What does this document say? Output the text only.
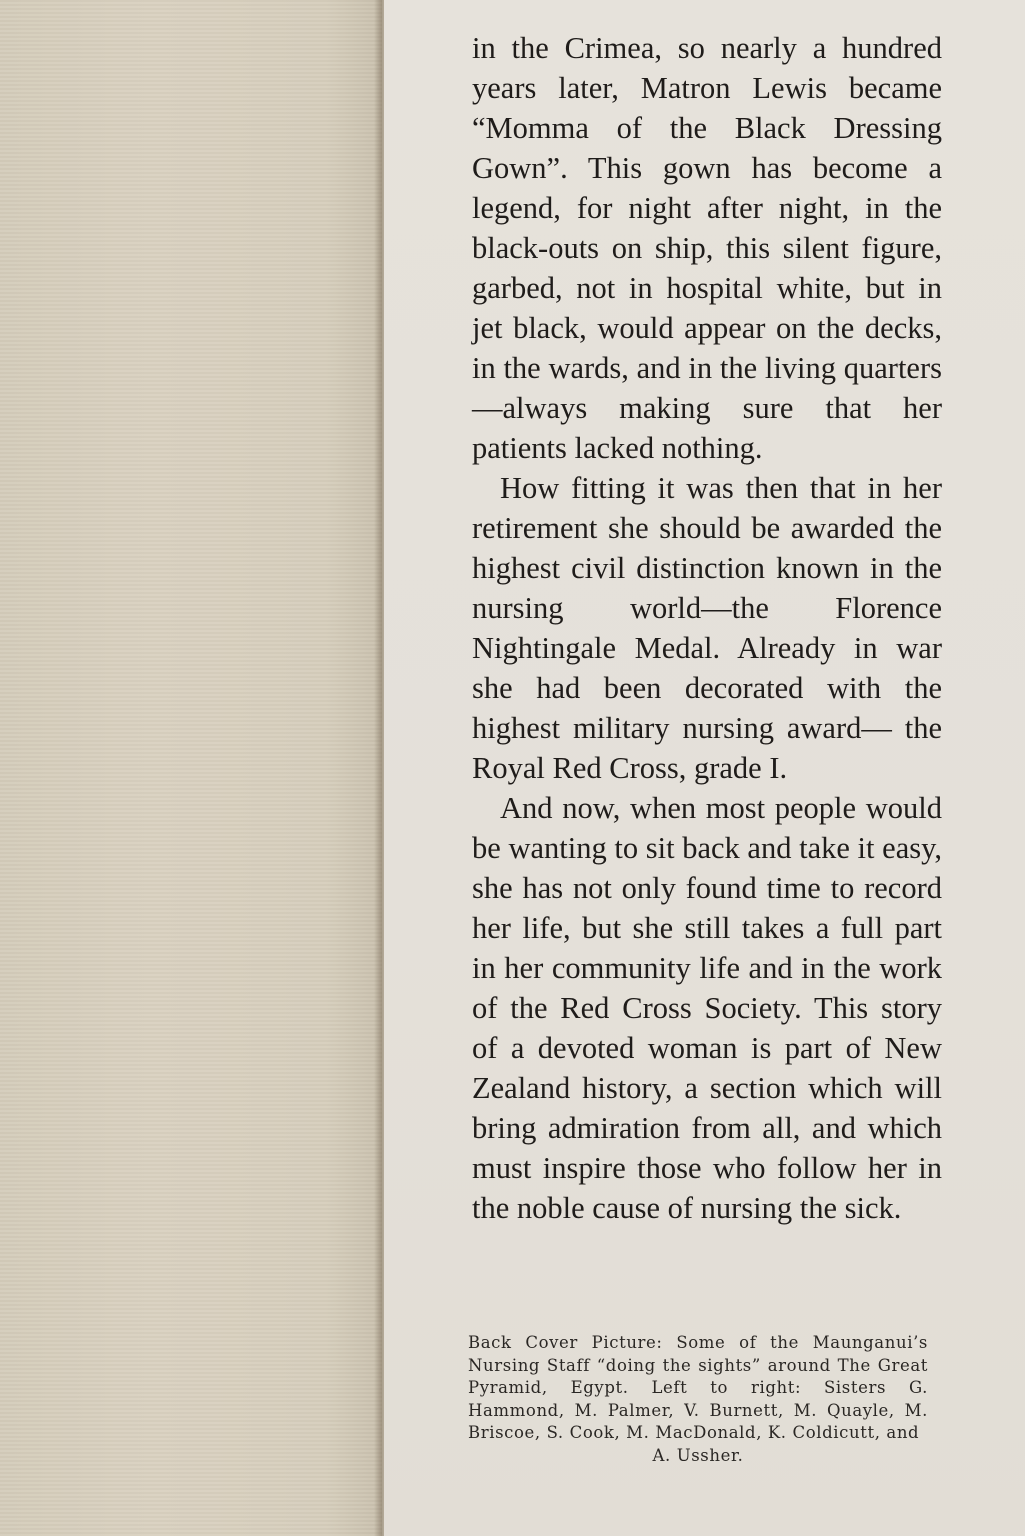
in the Crimea, so nearly a hundred years later, Matron Lewis became “Momma of the Black Dressing Gown”. This gown has become a legend, for night after night, in the black-outs on ship, this silent figure, garbed, not in hospital white, but in jet black, would appear on the decks, in the wards, and in the living quarters—always making sure that her patients lacked nothing.

How fitting it was then that in her retirement she should be awarded the highest civil distinction known in the nursing world—the Florence Nightingale Medal. Already in war she had been decorated with the highest military nursing award— the Royal Red Cross, grade I.

And now, when most people would be wanting to sit back and take it easy, she has not only found time to record her life, but she still takes a full part in her community life and in the work of the Red Cross Society. This story of a devoted woman is part of New Zealand history, a section which will bring admiration from all, and which must inspire those who follow her in the noble cause of nursing the sick.

Back Cover Picture: Some of the Maunganui’s Nursing Staff “doing the sights” around The Great Pyramid, Egypt. Left to right: Sisters G. Hammond, M. Palmer, V. Burnett, M. Quayle, M. Briscoe, S. Cook, M. MacDonald, K. Coldicutt, and
A. Ussher.
